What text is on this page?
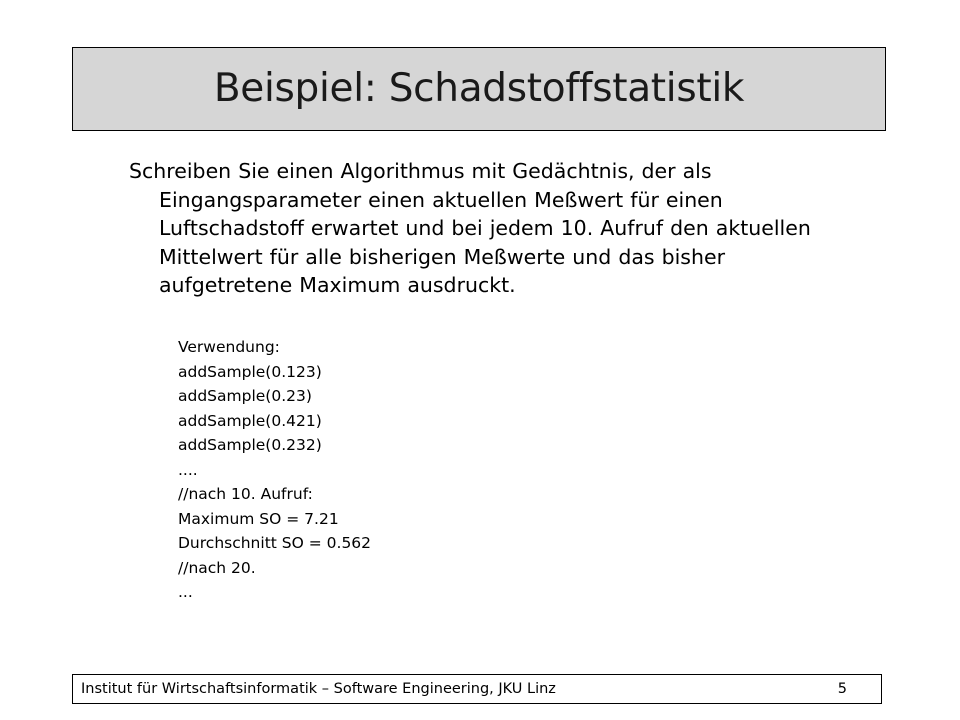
Beispiel: Schadstoffstatistik

Schreiben Sie einen Algorithmus mit Gedächtnis, der als Eingangsparameter einen aktuellen Meßwert für einen Luftschadstoff erwartet und bei jedem 10. Aufruf den aktuellen Mittelwert für alle bisherigen Meßwerte und das bisher aufgetretene Maximum ausdruckt.

Verwendung:
addSample(0.123)
addSample(0.23)
addSample(0.421)
addSample(0.232)
....
//nach 10. Aufruf:
Maximum SO = 7.21
Durchschnitt SO = 0.562
//nach 20.
...
Institut für Wirtschaftsinformatik – Software Engineering, JKU Linz	5
